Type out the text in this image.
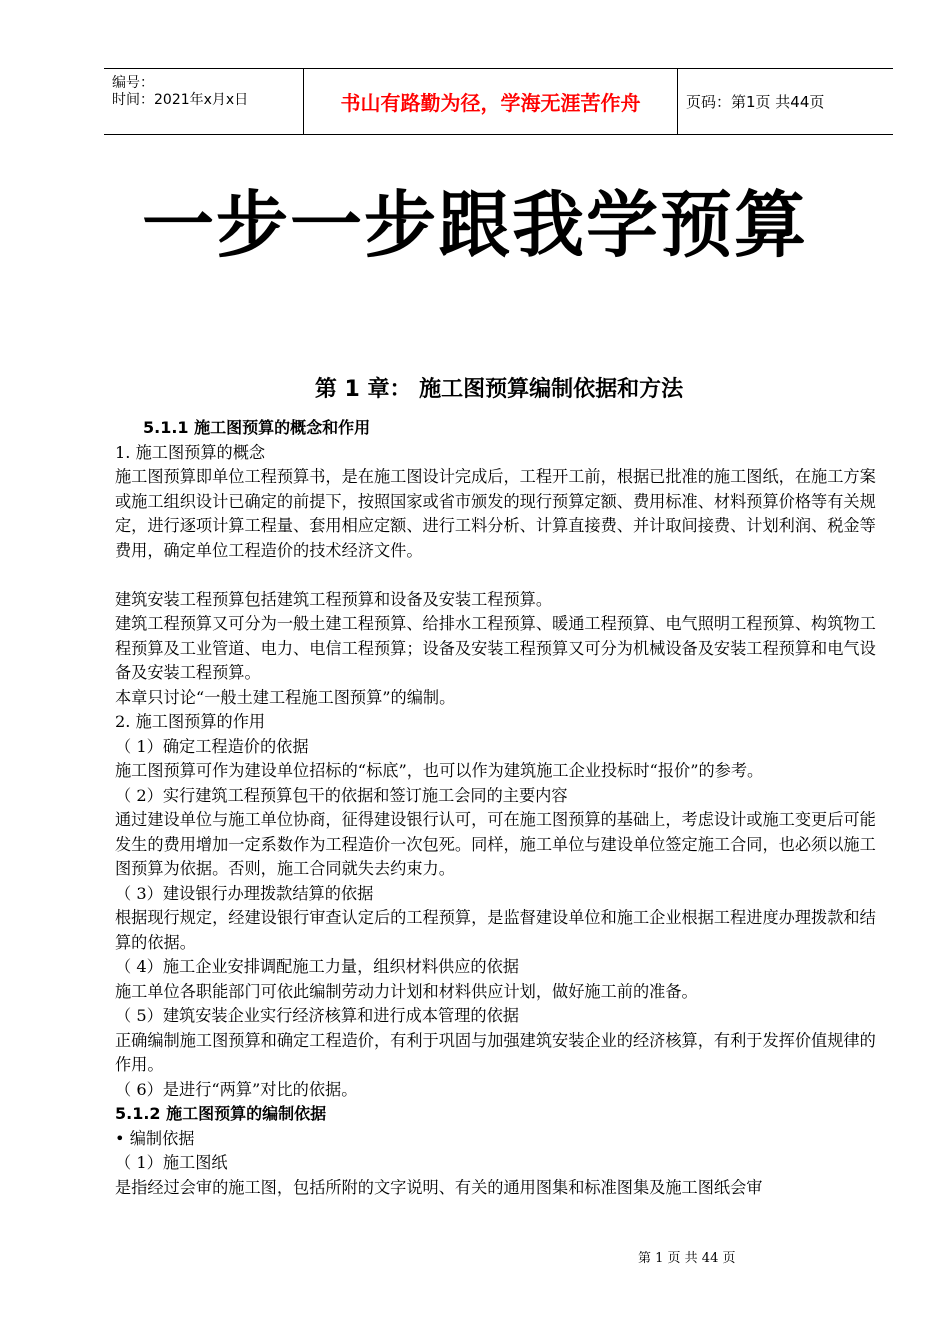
编号：
时间：2021年x月x日	书山有路勤为径，学海无涯苦作舟	页码：第1页 共44页
一步一步跟我学预算
第 1 章： 施工图预算编制依据和方法

5.1.1 施工图预算的概念和作用

1. 施工图预算的概念

施工图预算即单位工程预算书，是在施工图设计完成后，工程开工前，根据已批准的施工图纸，在施工方案或施工组织设计已确定的前提下，按照国家或省市颁发的现行预算定额、费用标准、材料预算价格等有关规定，进行逐项计算工程量、套用相应定额、进行工料分析、计算直接费、并计取间接费、计划利润、税金等费用，确定单位工程造价的技术经济文件。

建筑安装工程预算包括建筑工程预算和设备及安装工程预算。

建筑工程预算又可分为一般土建工程预算、给排水工程预算、暖通工程预算、电气照明工程预算、构筑物工程预算及工业管道、电力、电信工程预算；设备及安装工程预算又可分为机械设备及安装工程预算和电气设备及安装工程预算。

本章只讨论“一般土建工程施工图预算”的编制。

2. 施工图预算的作用

（ 1）确定工程造价的依据

施工图预算可作为建设单位招标的“标底”，也可以作为建筑施工企业投标时“报价”的参考。

（ 2）实行建筑工程预算包干的依据和签订施工会同的主要内容

通过建设单位与施工单位协商，征得建设银行认可，可在施工图预算的基础上，考虑设计或施工变更后可能发生的费用增加一定系数作为工程造价一次包死。同样，施工单位与建设单位签定施工合同，也必须以施工图预算为依据。否则，施工合同就失去约束力。

（ 3）建设银行办理拨款结算的依据

根据现行规定，经建设银行审查认定后的工程预算，是监督建设单位和施工企业根据工程进度办理拨款和结算的依据。

（ 4）施工企业安排调配施工力量，组织材料供应的依据

施工单位各职能部门可依此编制劳动力计划和材料供应计划，做好施工前的准备。

（ 5）建筑安装企业实行经济核算和进行成本管理的依据

正确编制施工图预算和确定工程造价，有利于巩固与加强建筑安装企业的经济核算，有利于发挥价值规律的作用。

（ 6）是进行“两算”对比的依据。

5.1.2 施工图预算的编制依据

• 编制依据

（ 1）施工图纸

是指经过会审的施工图，包括所附的文字说明、有关的通用图集和标准图集及施工图纸会审

第 1 页 共 44 页
